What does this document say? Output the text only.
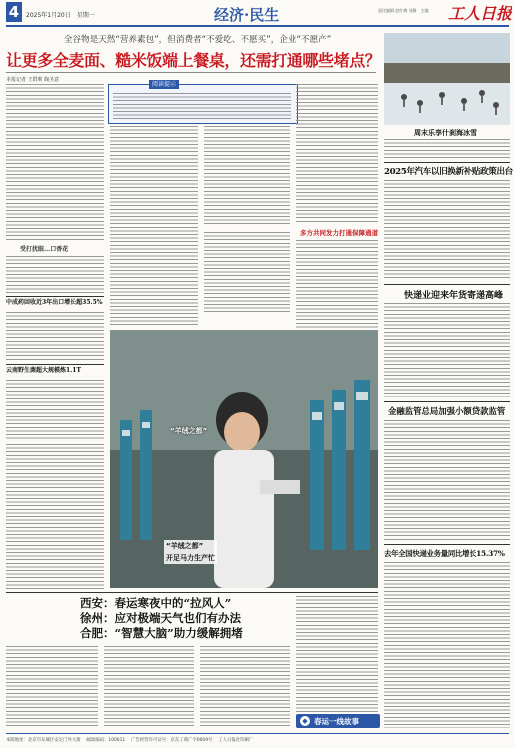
4	2025年1月20日　星期一	经济·民生	责任编辑 赵红梅 刘静　主编	工人日报
全谷物是天然“营养素包”，但消费者“不爱吃、不愿买”，企业“不愿产”
让更多全麦面、糙米饭端上餐桌，还需打通哪些堵点？
本报记者 王群莉 陶圣意
阅读提示
受打扰眼...口香花
中成药回收近3年出口增长超35.5%
云南野生菌超大规模炼1.1T
多方共同发力打通保障通道
“羊绒之都”
“羊绒之都”
开足马力生产忙
周末乐享什刹海冰雪
2025年汽车以旧换新补贴政策出台
快递业迎来年货寄递高峰
金融监管总局加强小额贷款监管
去年全国快递业务量同比增长15.37%
西安：春运寒夜中的“拉风人”
徐州：应对极端天气也们有办法
合肥：“智慧大脑”助力缓解拥堵
◆ 春运一线故事
本版地址：北京市东城区安定门外大街　 邮政编码：100011　 广告经营许可证号：京东工商广字0009号　 工人日报社印刷厂
